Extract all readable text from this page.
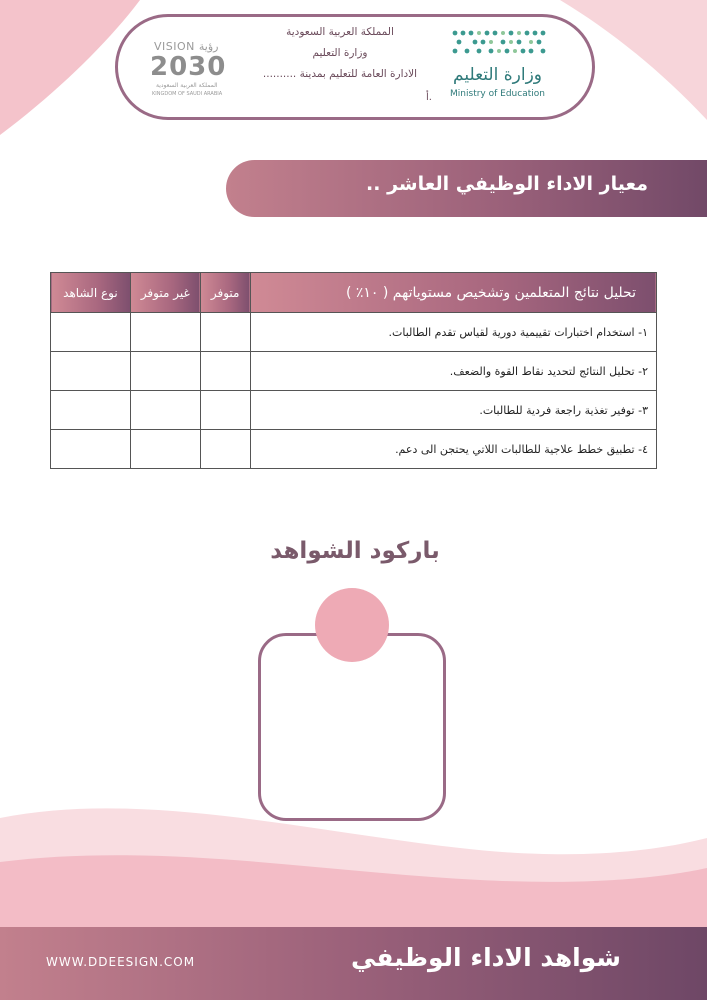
وزارة التعليم
Ministry of Education
المملكة العربية السعودية
وزارة التعليم
الادارة العامة للتعليم بمدينة ..........
أ.
VISION رؤية
2030
المملكة العربية السعودية
KINGDOM OF SAUDI ARABIA
معيار الاداء الوظيفي العاشر ..
نوع الشاهد	غير متوفر	متوفر	تحليل نتائج المتعلمين وتشخيص مستوياتهم ( ١٠٪ )
			١- استخدام اختبارات تقييمية دورية لقياس تقدم الطالبات.
			٢- تحليل النتائج لتحديد نقاط القوة والضعف.
			٣- توفير تغذية راجعة فردية للطالبات.
			٤- تطبيق خطط علاجية للطالبات اللاتي يحتجن الى دعم.
باركود الشواهد
WWW.DDEESIGN.COM	شواهد الاداء الوظيفي
